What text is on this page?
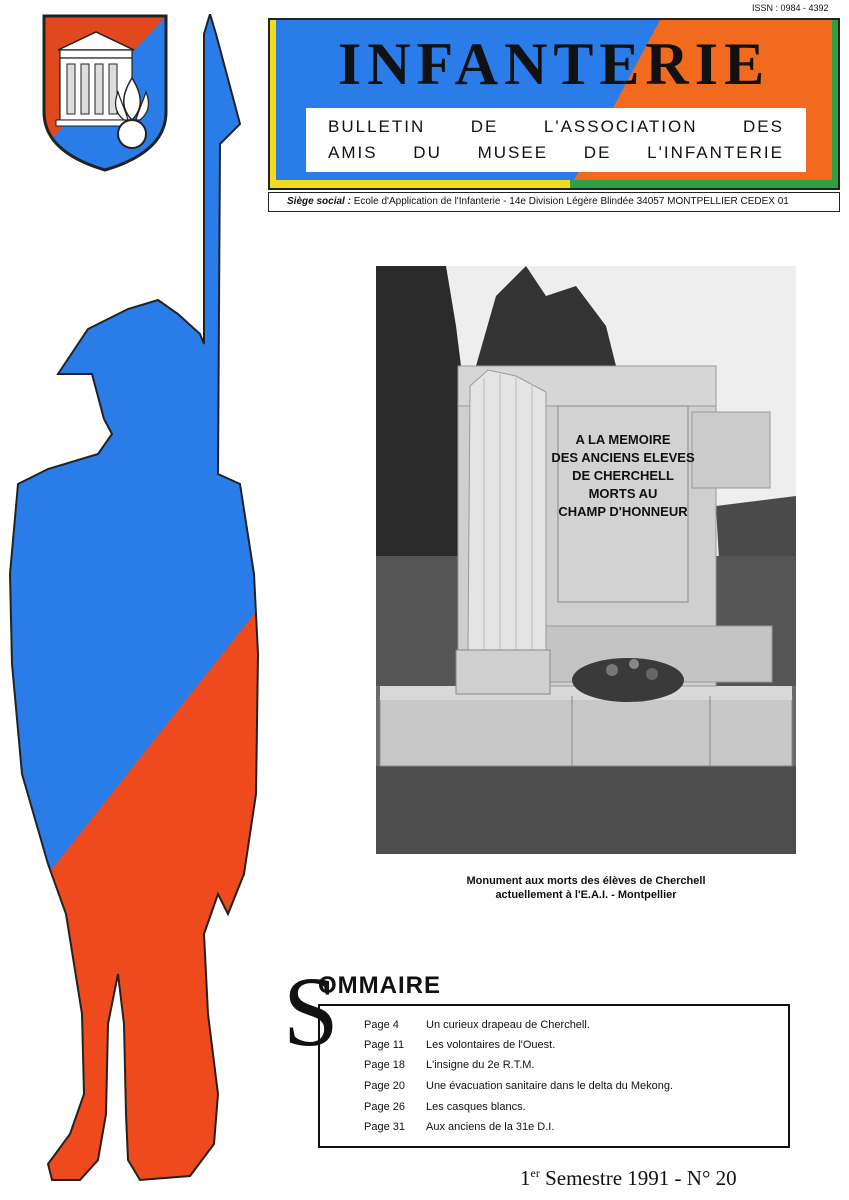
ISSN : 0984 - 4392
INFANTERIE
BULLETIN	DE	L'ASSOCIATION	DES
AMIS DU MUSEE DE L'INFANTERIE
Siège social : Ecole d'Application de l'Infanterie - 14e Division Légère Blindée 34057 MONTPELLIER CEDEX 01
A LA MEMOIRE
DES ANCIENS ELEVES
DE CHERCHELL
MORTS AU
CHAMP D'HONNEUR
Monument aux morts des élèves de Cherchell
actuellement à l'E.A.I. - Montpellier
S
OMMAIRE
Page 4 Un curieux drapeau de Cherchell.
Page 11 Les volontaires de l'Ouest.
Page 18 L'insigne du 2e R.T.M.
Page 20 Une évacuation sanitaire dans le delta du Mekong.
Page 26 Les casques blancs.
Page 31 Aux anciens de la 31e D.I.
1er Semestre 1991 - N° 20
